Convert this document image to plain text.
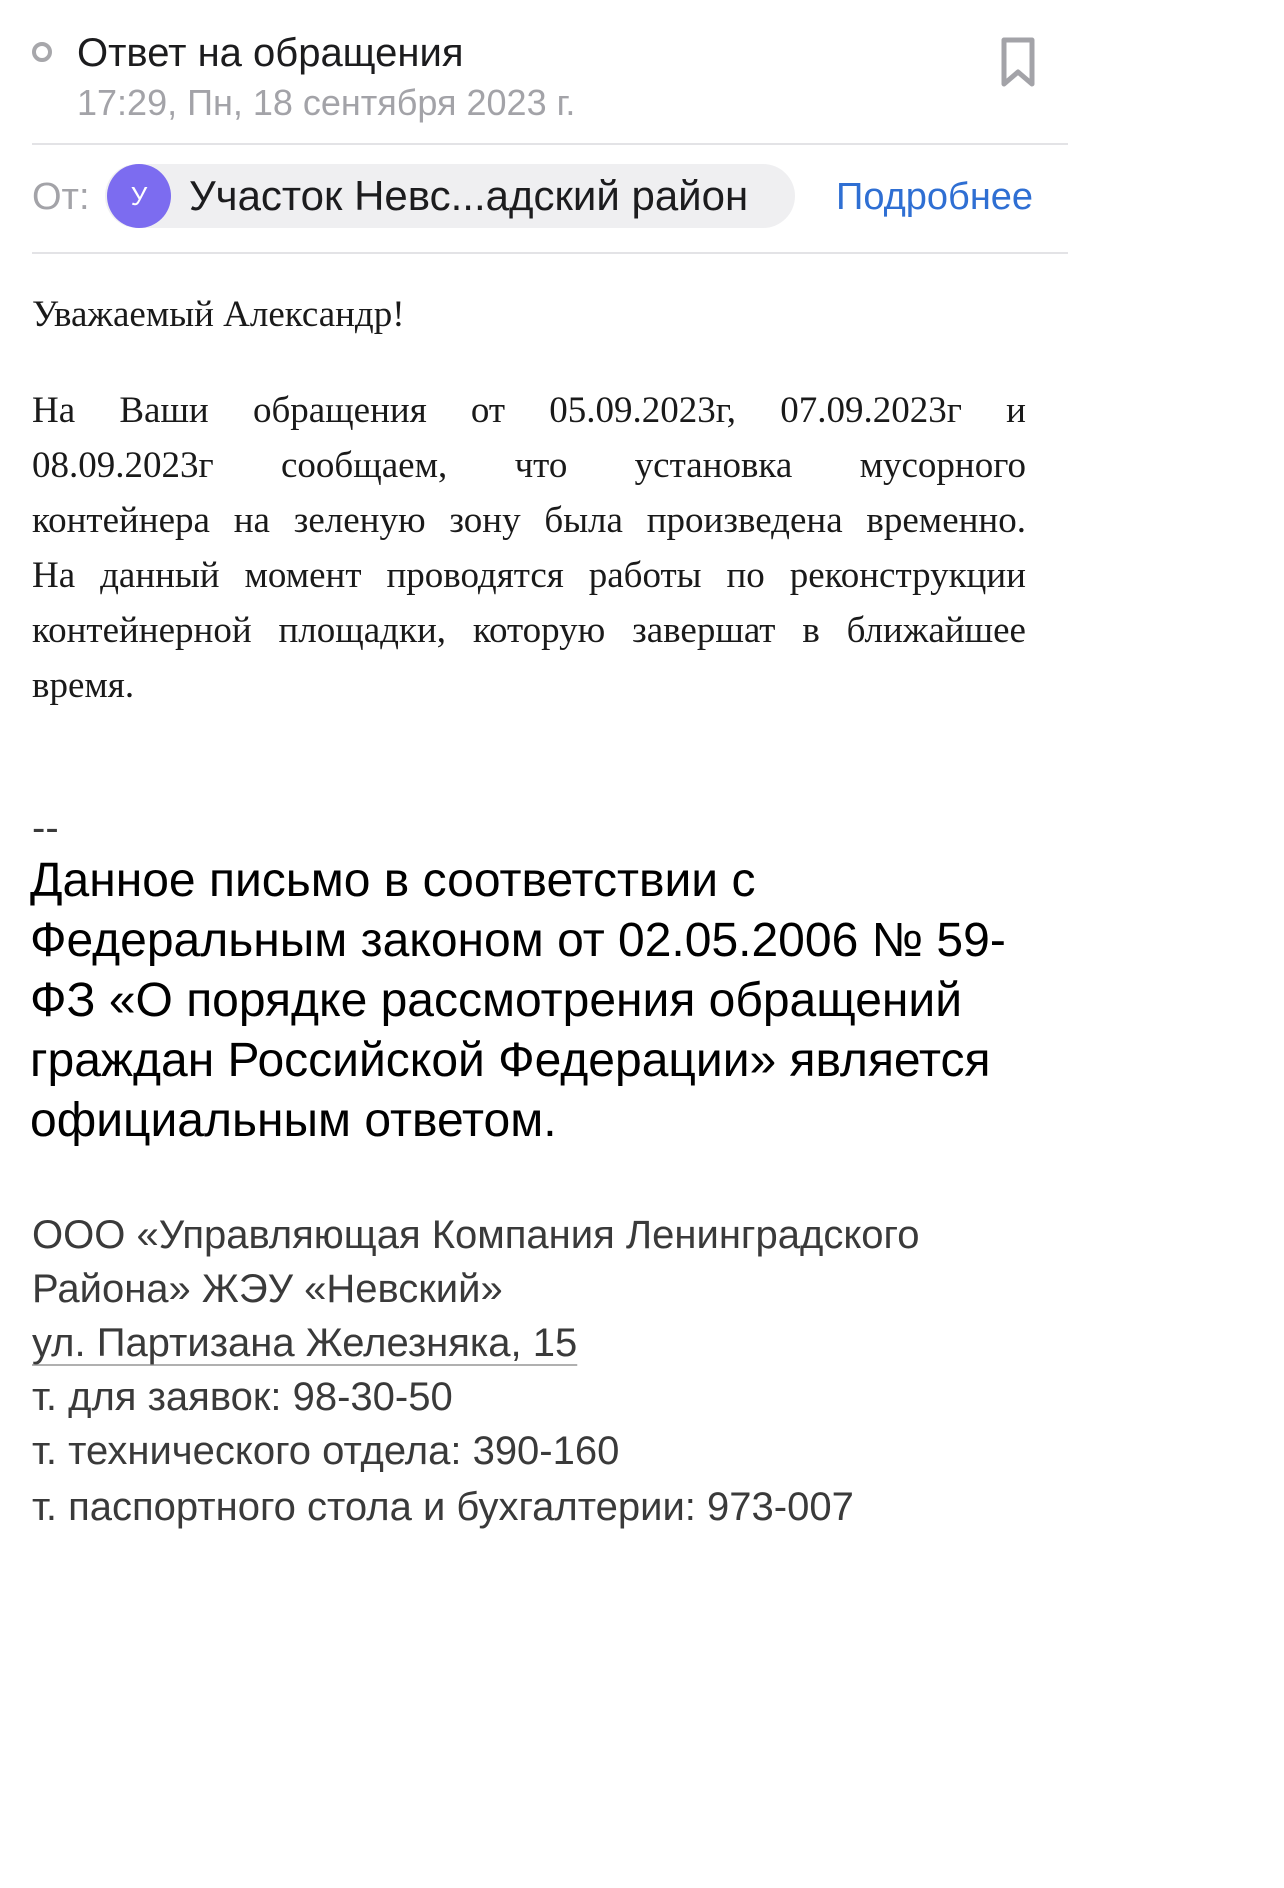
Ответ на обращения
17:29, Пн, 18 сентября 2023 г.
От:	У Участок Невс...адский район Подробнее
Уважаемый Александр!
На Ваши обращения от 05.09.2023г, 07.09.2023г и
08.09.2023г сообщаем, что установка мусорного
контейнера на зеленую зону была произведена временно.
На данный момент проводятся работы по реконструкции
контейнерной площадки, которую завершат в ближайшее
время.
--
Данное письмо в соответствии с
Федеральным законом от 02.05.2006 № 59-
ФЗ «О порядке рассмотрения обращений
граждан Российской Федерации» является
официальным ответом.
ООО «Управляющая Компания Ленинградского
Района» ЖЭУ «Невский»
ул. Партизана Железняка, 15
т. для заявок: 98-30-50
т. технического отдела: 390-160
т. паспортного стола и бухгалтерии: 973-007
